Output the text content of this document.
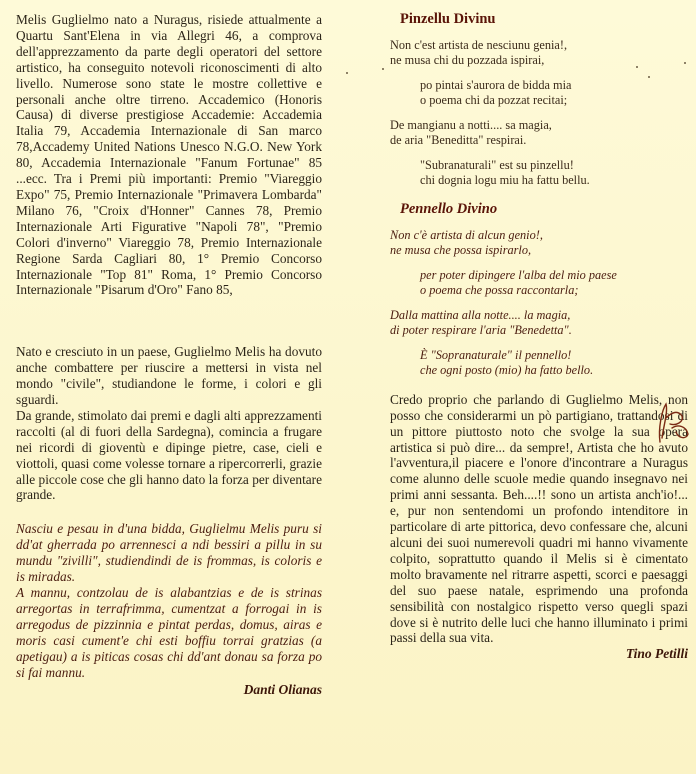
Melis Guglielmo nato a Nuragus, risiede attualmente a Quartu Sant'Elena in via Allegri 46, a comprova dell'apprezzamento da parte degli operatori del settore artistico, ha conseguito notevoli riconoscimenti di alto livello. Numerose sono state le mostre collettive e personali anche oltre tirreno. Accademico (Honoris Causa) di diverse prestigiose Accademie: Accademia Italia 79, Accademia Internazionale di San marco 78,Accademy United Nations Unesco N.G.O. New York 80, Accademia Internazionale "Fanum Fortunae" 85 ...ecc. Tra i Premi più importanti: Premio "Viareggio Expo" 75, Premio Internazionale "Primavera Lombarda" Milano 76, "Croix d'Honner" Cannes 78, Premio Internazionale Arti Figurative "Napoli 78", "Premio Colori d'inverno" Viareggio 78, Premio Internazionale Regione Sarda Cagliari 80, 1° Premio Concorso Internazionale "Top 81" Roma, 1° Premio Concorso Internazionale "Pisarum d'Oro" Fano 85,

Nato e cresciuto in un paese, Guglielmo Melis ha dovuto anche combattere per riuscire a mettersi in vista nel mondo "civile", studiandone le forme, i colori e gli sguardi.

Da grande, stimolato dai premi e dagli alti apprezzamenti raccolti (al di fuori della Sardegna), comincia a frugare nei ricordi di gioventù e dipinge pietre, case, cieli e viottoli, quasi come volesse tornare a ripercorrerli, grazie alle piccole cose che gli hanno dato la forza per diventare grande.

Nasciu e pesau in d'una bidda, Guglielmu Melis puru si dd'at gherrada po arrennesci a ndi bessiri a pillu in su mundu "zivilli", studiendindi de is frommas, is coloris e is miradas.

A mannu, contzolau de is alabantzias e de is strinas arregortas in terrafrimma, cumentzat a forrogai in is arregodus de pizzinnia e pintat perdas, domus, airas e moris casi cument'e chi esti boffiu torrai gratzias (a apetigau) a is piticas cosas chi dd'ant donau sa forza po si fai mannu.

Danti Olianas
Pinzellu Divinu
Non c'est artista de nesciunu genia!,
ne musa chi du pozzada ispirai,
po pintai s'aurora de bidda mia
o poema chi da pozzat recitai;
De mangianu a notti.... sa magia,
de aria "Beneditta" respirai.
"Subranaturali" est su pinzellu!
chi dognia logu miu ha fattu bellu.
Pennello Divino
Non c'è artista di alcun genio!,
ne musa che possa ispirarlo,
per poter dipingere l'alba del mio paese
o poema che possa raccontarla;
Dalla mattina alla notte.... la magia,
di poter respirare l'aria "Benedetta".
È "Sopranaturale" il pennello!
che ogni posto (mio) ha fatto bello.

Credo proprio che parlando di Guglielmo Melis, non posso che considerarmi un pò partigiano, trattandosi di un pittore piuttosto noto che svolge la sua opera artistica si può dire... da sempre!, Artista che ho avuto l'avventura,il piacere e l'onore d'incontrare a Nuragus come alunno delle scuole medie quando insegnavo nei primi anni sessanta. Beh....!! sono un artista anch'io!... e, pur non sentendomi un profondo intenditore in particolare di arte pittorica, devo confessare che, alcuni alcuni dei suoi numerevoli quadri mi hanno vivamente colpito, soprattutto quando il Melis si è cimentato molto bravamente nel ritrarre aspetti, scorci e paesaggi del suo paese natale, esprimendo una profonda sensibilità con nostalgico rispetto verso quegli spazi dove si è nutrito delle luci che hanno illuminato i primi passi della sua vita.

Tino Petilli
